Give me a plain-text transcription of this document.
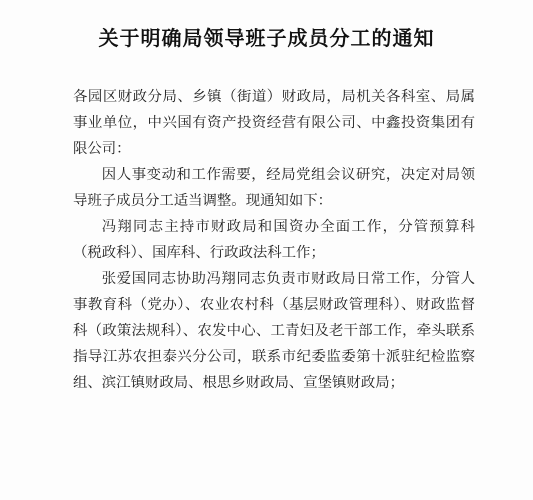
关于明确局领导班子成员分工的通知

各园区财政分局、乡镇（街道）财政局，局机关各科室、局属事业单位，中兴国有资产投资经营有限公司、中鑫投资集团有限公司：

因人事变动和工作需要，经局党组会议研究，决定对局领导班子成员分工适当调整。现通知如下：

冯翔同志主持市财政局和国资办全面工作，分管预算科（税政科）、国库科、行政政法科工作；

张爱国同志协助冯翔同志负责市财政局日常工作，分管人事教育科（党办）、农业农村科（基层财政管理科）、财政监督科（政策法规科）、农发中心、工青妇及老干部工作，牵头联系指导江苏农担泰兴分公司，联系市纪委监委第十派驻纪检监察组、滨江镇财政局、根思乡财政局、宣堡镇财政局；
